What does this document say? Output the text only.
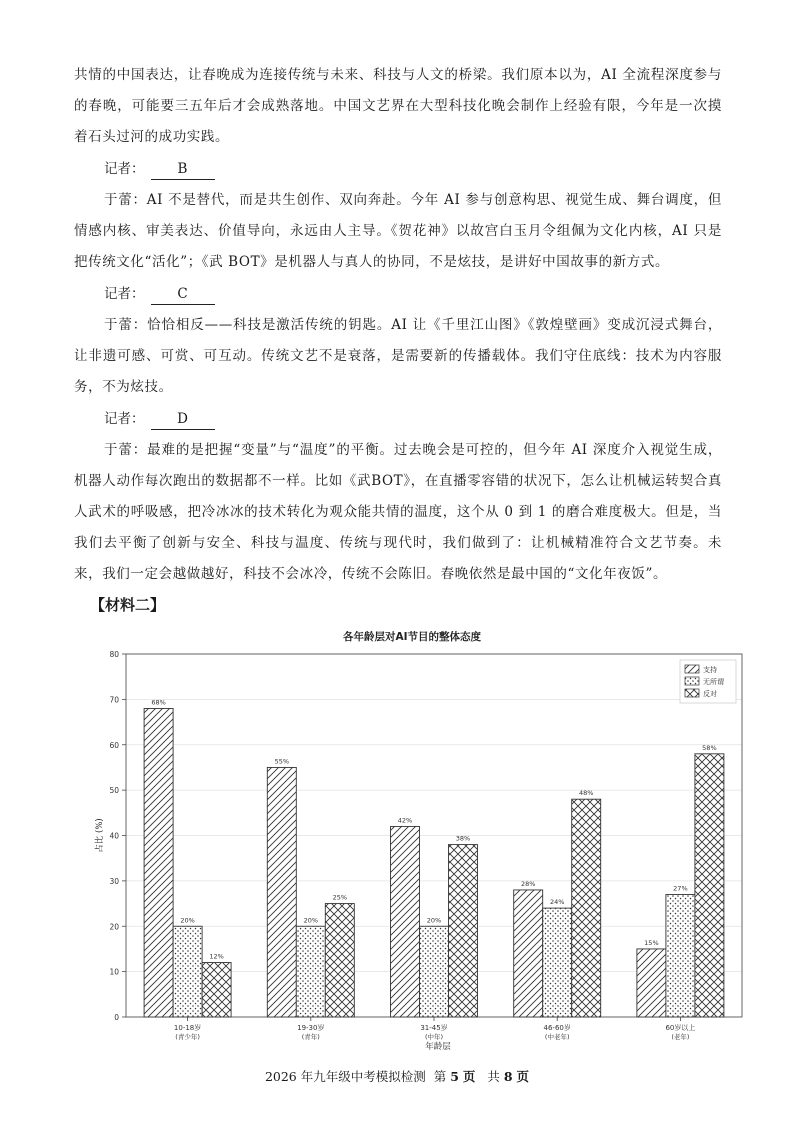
共情的中国表达，让春晚成为连接传统与未来、科技与人文的桥梁。我们原本以为，AI 全流程深度参与的春晚，可能要三五年后才会成熟落地。中国文艺界在大型科技化晚会制作上经验有限，今年是一次摸着石头过河的成功实践。

记者： B

于蕾：AI 不是替代，而是共生创作、双向奔赴。今年 AI 参与创意构思、视觉生成、舞台调度，但情感内核、审美表达、价值导向，永远由人主导。《贺花神》以故宫白玉月令组佩为文化内核，AI 只是把传统文化“活化”；《武 BOT》是机器人与真人的协同，不是炫技，是讲好中国故事的新方式。

记者： C

于蕾：恰恰相反——科技是激活传统的钥匙。AI 让《千里江山图》《敦煌壁画》变成沉浸式舞台，让非遗可感、可赏、可互动。传统文艺不是衰落，是需要新的传播载体。我们守住底线：技术为内容服务，不为炫技。

记者： D

于蕾：最难的是把握“变量”与“温度”的平衡。过去晚会是可控的，但今年 AI 深度介入视觉生成，机器人动作每次跑出的数据都不一样。比如《武BOT》，在直播零容错的状况下，怎么让机械运转契合真人武术的呼吸感，把冷冰冰的技术转化为观众能共情的温度，这个从 0 到 1 的磨合难度极大。但是，当我们去平衡了创新与安全、科技与温度、传统与现代时，我们做到了：让机械精准符合文艺节奏。未来，我们一定会越做越好，科技不会冰冷，传统不会陈旧。春晚依然是最中国的“文化年夜饭”。

【材料二】

各年龄层对AI节目的整体态度
0
10
20
30
40
50
60
70
80
68%
20%
12%
10-18岁
(青少年)
55%
20%
25%
19-30岁
(青年)
42%
20%
38%
31-45岁
(中年)
28%
24%
48%
46-60岁
(中老年)
15%
27%
58%
60岁以上
(老年)
年龄层
占比 (%)
支持
无所谓
反对
2026 年九年级中考模拟检测 第 5 页 共 8 页
